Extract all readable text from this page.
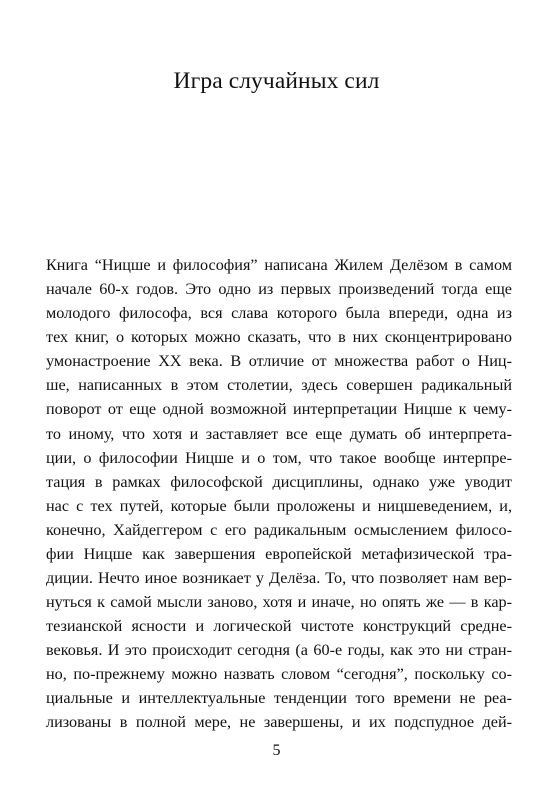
Игра случайных сил
Книга “Ницше и философия” написана Жилем Делёзом в самом
начале 60-х годов. Это одно из первых произведений тогда еще
молодого философа, вся слава которого была впереди, одна из
тех книг, о которых можно сказать, что в них сконцентрировано
умонастроение XX века. В отличие от множества работ о Ниц-
ше, написанных в этом столетии, здесь совершен радикальный
поворот от еще одной возможной интерпретации Ницше к чему-
то иному, что хотя и заставляет все еще думать об интерпрета-
ции, о философии Ницше и о том, что такое вообще интерпре-
тация в рамках философской дисциплины, однако уже уводит
нас с тех путей, которые были проложены и ницшеведением, и,
конечно, Хайдеггером с его радикальным осмыслением филосо-
фии Ницше как завершения европейской метафизической тра-
диции. Нечто иное возникает у Делёза. То, что позволяет нам вер-
нуться к самой мысли заново, хотя и иначе, но опять же — в кар-
тезианской ясности и логической чистоте конструкций средне-
вековья. И это происходит сегодня (а 60-е годы, как это ни стран-
но, по-прежнему можно назвать словом “сегодня”, поскольку со-
циальные и интеллектуальные тенденции того времени не реа-
лизованы в полной мере, не завершены, и их подспудное дей-
5
